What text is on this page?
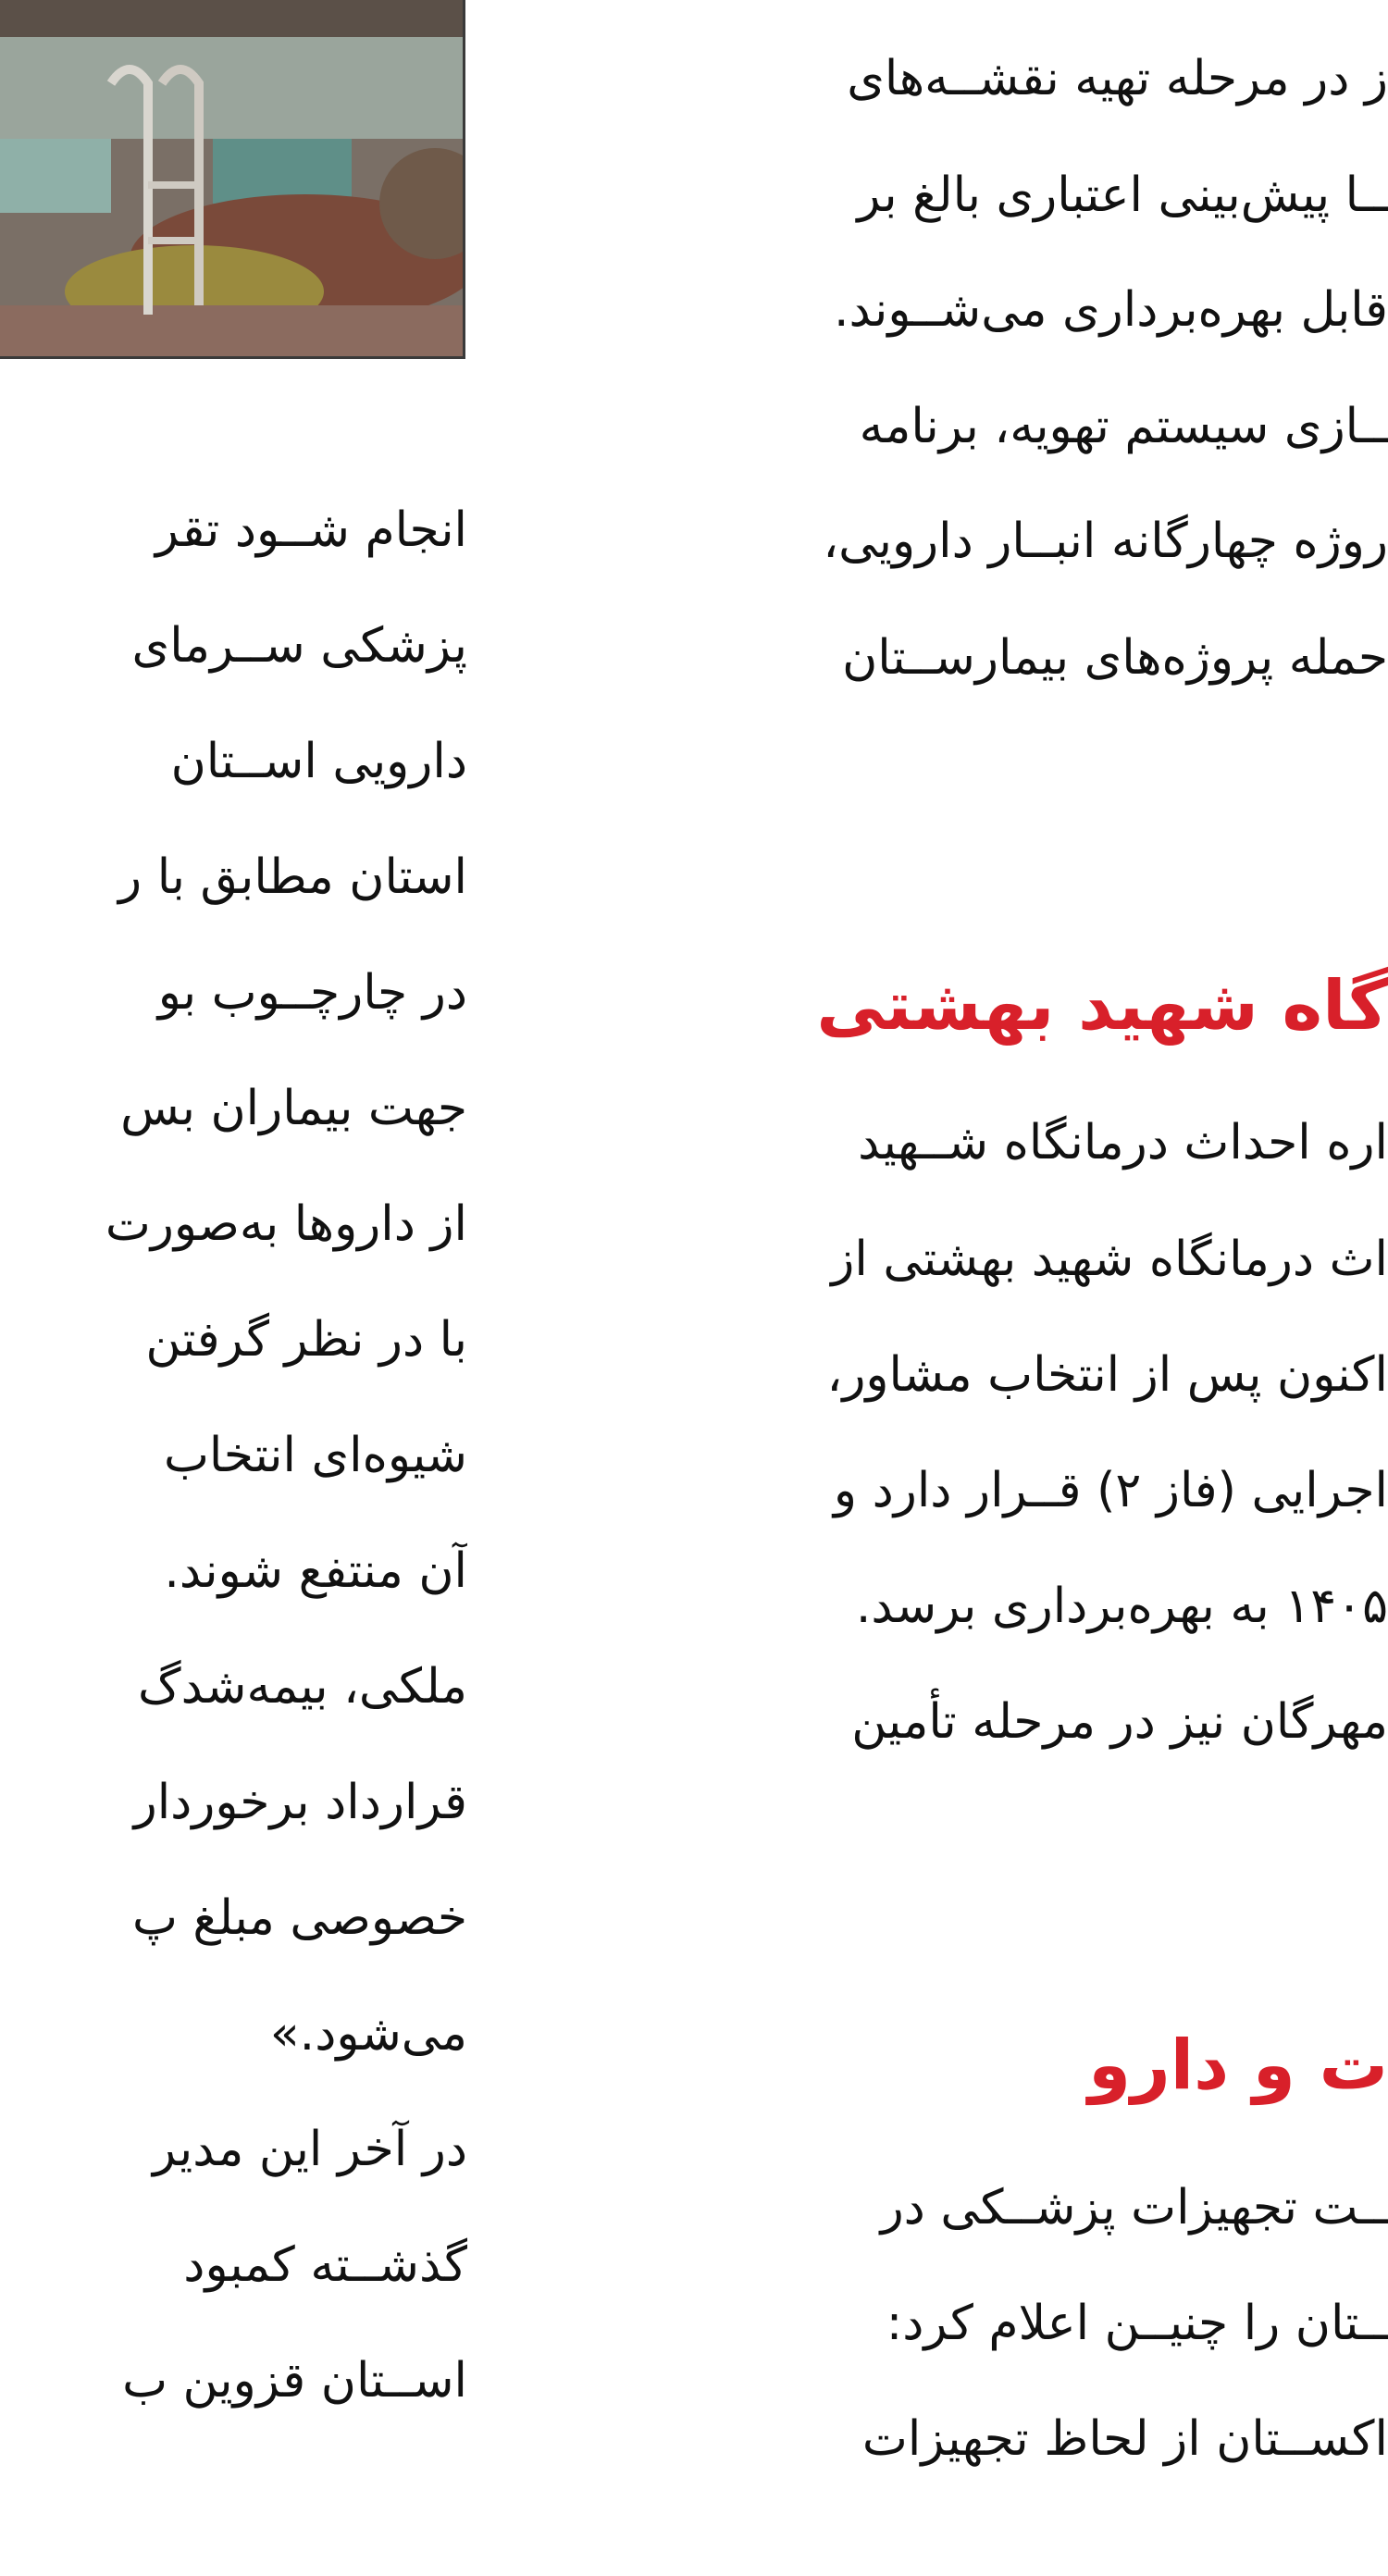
ز در مرحله تهیه نقشــه‌های
ــا پیش‌بینی اعتباری بالغ بر
قابل بهره‌برداری می‌شــوند.
ــازی سیستم تهویه، برنامه
روژه چهارگانه انبــار دارویی،
حمله پروژه‌های بیمارســتان
گاه شهید بهشتی
اره احداث درمانگاه شــهید
اث درمانگاه شهید بهشتی از
اکنون پس از انتخاب مشاور،
اجرایی (فاز ۲) قــرار دارد و
۱۴۰۵ به بهره‌برداری برسد.
مهرگان نیز در مرحله تأمین
ت و دارو
ــت تجهیزات پزشــکی در
ــتان را چنیــن اعلام کرد:
اکســتان از لحاظ تجهیزات
انجام شــود تقر
پزشکی ســرمای
دارویی اســتان
استان مطابق با ر
در چارچــوب بو
جهت بیماران بس
از داروها به‌صورت
با در نظر گرفتن
شیوه‌ای انتخاب
آن منتفع شوند.
ملکی، بیمه‌شدگ
قرارداد برخوردار
خصوصی مبلغ پ
می‌شود.»
در آخر این مدیر
گذشــته کمبود
اســتان قزوین ب
